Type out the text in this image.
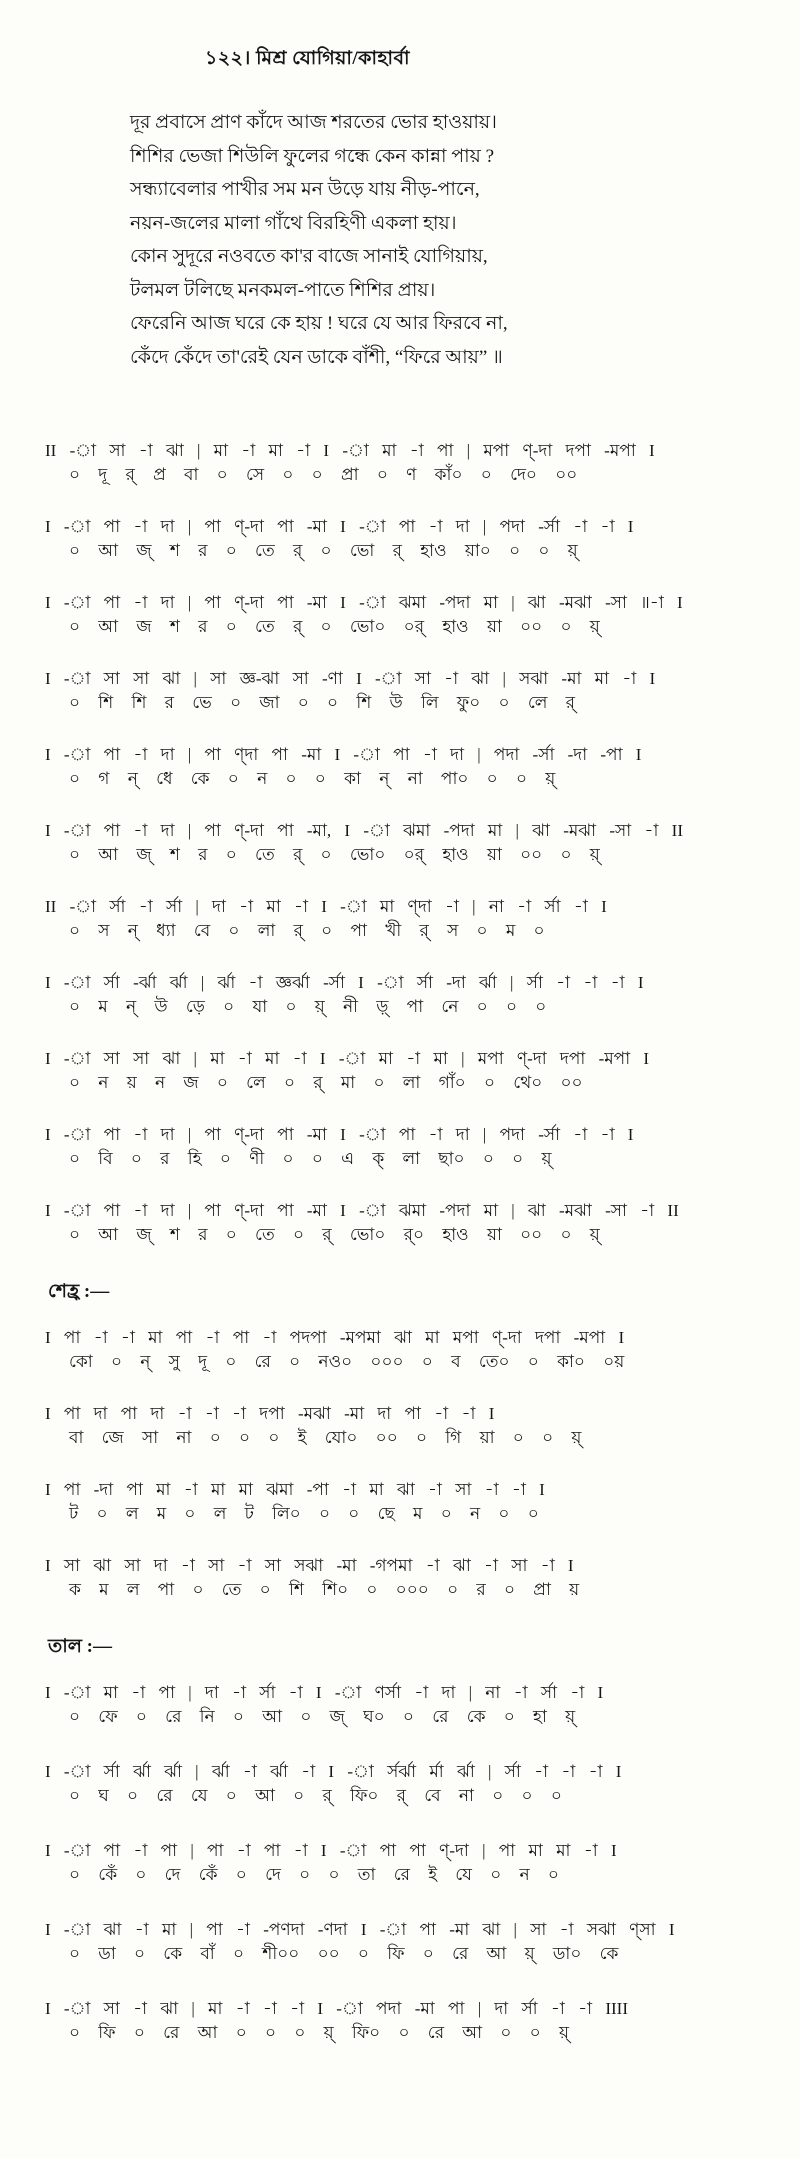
১২২। মিশ্র যোগিয়া/কাহার্বা
দূর প্রবাসে প্রাণ কাঁদে আজ শরতের ভোর হাওয়ায়।
শিশির ভেজা শিউলি ফুলের গন্ধে কেন কান্না পায় ?
সন্ধ্যাবেলার পাখীর সম মন উড়ে যায় নীড়-পানে,
নয়ন-জলের মালা গাঁথে বিরহিণী একলা হায়।
কোন সুদূরে নওবতে কা'র বাজে সানাই যোগিয়ায়,
টলমল টলিছে মনকমল-পাতে শিশির প্রায়।
ফেরেনি আজ ঘরে কে হায় ! ঘরে যে আর ফিরবে না,
কেঁদে কেঁদে তা'রেই যেন ডাকে বাঁশী, “ফিরে আয়” ॥
II -া সা -া ঝা | মা -া মা -া I -া মা -া পা | মপা ণ্-দা দপা -মপা I
০ দূ র্ প্র বা ০ সে ০ ০ প্রা ০ ণ কাঁ০ ০ দে০ ০০
I -া পা -া দা | পা ণ্-দা পা -মা I -া পা -া দা | পদা -র্সা -া -া I
০ আ জ্ শ র ০ তে র্ ০ ভো র্ হাও য়া০ ০ ০ য়্
I -া পা -া দা | পা ণ্-দা পা -মা I -া ঝমা -পদা মা | ঝা -মঝা -সা ॥-া I
০ আ জ শ র ০ তে র্ ০ ভো০ ০র্ হাও য়া ০০ ০ য়্
I -া সা সা ঝা | সা জ্ঞ-ঝা সা -ণা I -া সা -া ঝা | সঝা -মা মা -া I
০ শি শি র ভে ০ জা ০ ০ শি উ লি ফু০ ০ লে র্
I -া পা -া দা | পা ণ্দা পা -মা I -া পা -া দা | পদা -র্সা -দা -পা I
০ গ ন্ ধে কে ০ ন ০ ০ কা ন্ না পা০ ০ ০ য়্
I -া পা -া দা | পা ণ্-দা পা -মা, I -া ঝমা -পদা মা | ঝা -মঝা -সা -া II
০ আ জ্ শ র ০ তে র্ ০ ভো০ ০র্ হাও য়া ০০ ০ য়্
II -া র্সা -া র্সা | দা -া মা -া I -া মা ণ্দা -া | না -া র্সা -া I
০ স ন্ ধ্যা বে ০ লা র্ ০ পা খী র্ স ০ ম ০
I -া র্সা -র্ঝা র্ঝা | র্ঝা -া জ্ঞর্ঝা -র্সা I -া র্সা -দা র্ঝা | র্সা -া -া -া I
০ ম ন্ উ ড়ে ০ যা ০ য়্ নী ড়্ পা নে ০ ০ ০
I -া সা সা ঝা | মা -া মা -া I -া মা -া মা | মপা ণ্-দা দপা -মপা I
০ ন য় ন জ ০ লে ০ র্ মা ০ লা গাঁ০ ০ থে০ ০০
I -া পা -া দা | পা ণ্-দা পা -মা I -া পা -া দা | পদা -র্সা -া -া I
০ বি ০ র হি ০ ণী ০ ০ এ ক্ লা ছা০ ০ ০ য়্
I -া পা -া দা | পা ণ্-দা পা -মা I -া ঝমা -পদা মা | ঝা -মঝা -সা -া II
০ আ জ্ শ র ০ তে ০ র্ ভো০ র্০ হাও য়া ০০ ০ য়্
শেহ্র :—
I পা -া -া মা পা -া পা -া পদপা -মপমা ঝা মা মপা ণ্-দা দপা -মপা I
কো ০ ন্ সু দূ ০ রে ০ নও০ ০০০ ০ ব তে০ ০ কা০ ০য়
I পা দা পা দা -া -া -া দপা -মঝা -মা দা পা -া -া I
বা জে সা না ০ ০ ০ ই যো০ ০০ ০ গি য়া ০ ০ য়্
I পা -দা পা মা -া মা মা ঝমা -পা -া মা ঝা -া সা -া -া I
ট ০ ল ম ০ ল ট লি০ ০ ০ ছে ম ০ ন ০ ০
I সা ঝা সা দা -া সা -া সা সঝা -মা -গপমা -া ঝা -া সা -া I
ক ম ল পা ০ তে ০ শি শি০ ০ ০০০ ০ র ০ প্রা য়
তাল :—
I -া মা -া পা | দা -া র্সা -া I -া ণর্সা -া দা | না -া র্সা -া I
০ ফে ০ রে নি ০ আ ০ জ্ ঘ০ ০ রে কে ০ হা য়্
I -া র্সা র্ঝা র্ঝা | র্ঝা -া র্ঝা -া I -া র্সর্ঝা র্মা র্ঝা | র্সা -া -া -া I
০ ঘ ০ রে যে ০ আ ০ র্ ফি০ র্ বে না ০ ০ ০
I -া পা -া পা | পা -া পা -া I -া পা পা ণ্-দা | পা মা মা -া I
০ কেঁ ০ দে কেঁ ০ দে ০ ০ তা রে ই যে ০ ন ০
I -া ঝা -া মা | পা -া -পণদা -ণদা I -া পা -মা ঝা | সা -া সঝা ণ্সা I
০ ডা ০ কে বাঁ ০ শী০০ ০০ ০ ফি ০ রে আ য়্ ডা০ কে
I -া সা -া ঝা | মা -া -া -া I -া পদা -মা পা | দা র্সা -া -া IIII
০ ফি ০ রে আ ০ ০ ০ য়্ ফি০ ০ রে আ ০ ০ য়্
